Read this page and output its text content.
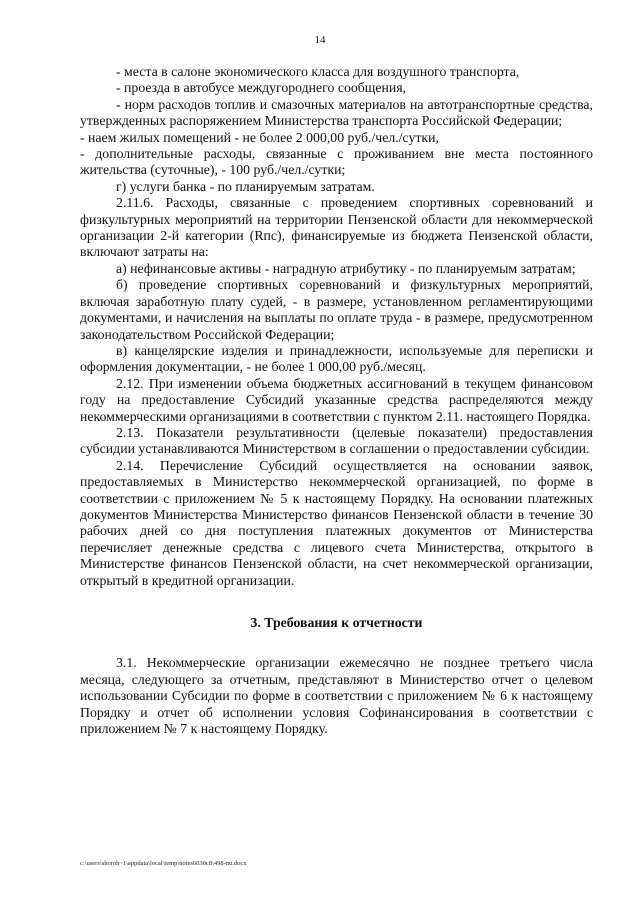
14

- места в салоне экономического класса для воздушного транспорта,

- проезда в автобусе междугороднего сообщения,

- норм расходов топлив и смазочных материалов на автотранспортные средства, утвержденных распоряжением Министерства транспорта Российской Федерации;

- наем жилых помещений - не более 2 000,00 руб./чел./сутки,

- дополнительные расходы, связанные с проживанием вне места постоянного жительства (суточные), - 100 руб./чел./сутки;

г) услуги банка - по планируемым затратам.

2.11.6. Расходы, связанные с проведением спортивных соревнований и физкультурных мероприятий на территории Пензенской области для некоммерческой организации 2-й категории (Rпс), финансируемые из бюджета Пензенской области, включают затраты на:

а) нефинансовые активы - наградную атрибутику - по планируемым затратам;

б) проведение спортивных соревнований и физкультурных мероприятий, включая заработную плату судей, - в размере, установленном регламентирующими документами, и начисления на выплаты по оплате труда - в размере, предусмотренном законодательством Российской Федерации;

в) канцелярские изделия и принадлежности, используемые для переписки и оформления документации, - не более 1 000,00 руб./месяц.

2.12. При изменении объема бюджетных ассигнований в текущем финансовом году на предоставление Субсидий указанные средства распределяются между некоммерческими организациями в соответствии с пунктом 2.11. настоящего Порядка.

2.13. Показатели результативности (целевые показатели) предоставления субсидии устанавливаются Министерством в соглашении о предоставлении субсидии.

2.14. Перечисление Субсидий осуществляется на основании заявок, предоставляемых в Министерство некоммерческой организацией, по форме в соответствии с приложением № 5 к настоящему Порядку. На основании платежных документов Министерства Министерство финансов Пензенской области в течение 30 рабочих дней со дня поступления платежных документов от Министерства перечисляет денежные средства с лицевого счета Министерства, открытого в Министерстве финансов Пензенской области, на счет некоммерческой организации, открытый в кредитной организации.

3. Требования к отчетности

3.1. Некоммерческие организации ежемесячно не позднее третьего числа месяца, следующего за отчетным, представляют в Министерство отчет о целевом использовании Субсидии по форме в соответствии с приложением № 6 к настоящему Порядку и отчет об исполнении условия Софинансирования в соответствии с приложением № 7 к настоящему Порядку.

c:\users\shoroh~1\appdata\local\temp\notes6030c8\498-nu.docx
